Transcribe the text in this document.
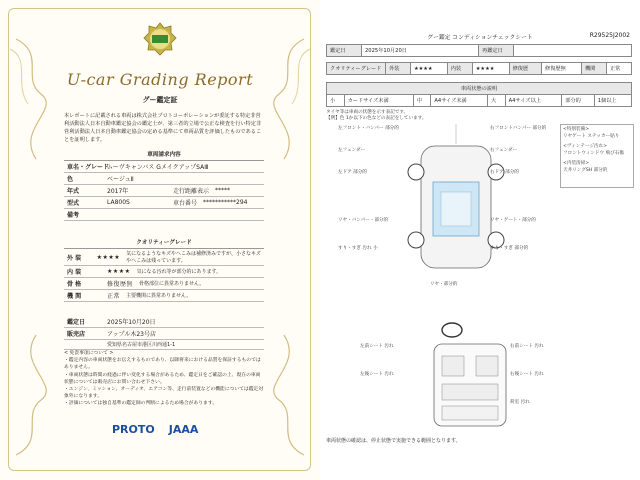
U-car Grading Report
グー鑑定証
本レポートに記載される車両は株式会社プロトコーポレーションが委託する特定非営利活動法人日本自動車鑑定協会の鑑定士が、第三者的立場で公正な検査を行い特定非営利活動法人日本自動車鑑定協会の定める基準にて車両品質を評価したものであることを証明します。
車両請求内容
車名・グレード
ムーヴキャンバス GメイクアップSAⅢ
色	ベージュⅡ
年式	2017年	走行距離表示	*****
型式	LA800S	車台番号	***********294
備考
クオリティーグレード
外 装	★★★★	気になるようなキズやへこみは補修済みですが、小さなキズやへこみは残っています。
内 装	★★★★	気になる汚れ等が部分的にあります。
骨 格	修復歴無	骨格部位に異常ありません。
機 関	正常	主要機関に異常ありません。
鑑定日	2025年10月20日
販売店	アップル木23号店
愛知県名古屋市港区川西通1-1
< 免責事項について >
・鑑定内容の車両状態をお伝えするものであり、以降将来における品質を保証するものではありません。
・車両状態は時間の経過に伴い変化する場合があるため、鑑定日をご確認の上、現在の車両状態については販売店にお問い合わせ下さい。
・エンジン、ミッション、オーディオ、エアコン等、走行前装置などの機能については鑑定対象外になります。
・評価については独自基準の鑑定師の判断によるため場合があります。
PROTO JAAA
グー鑑定 コンディションチェックシート	R29525J2002
鑑定日	2025年10月20日	再鑑定日	
クオリティーグレード	外装	★★★★	内装	★★★★	修復歴	修復歴無	機関	正常
車両状態の説明
小	カードサイズ未満	中	A4サイズ未満	大	A4サイズ以上	部分的	1個以上
タイヤ等は車両の状態を示す表記です。
【例】色 1か以下の色などの表記をしています。
左フロント・バンパー 部分的
左フェンダー
左ドア 部分的
リヤ・バンパー・部分的
すり・すぎ 汚れ 小
右フロントバンパー 部分的
右フェンダー
右ドア 部分的
リヤ・ゲート・部分的
すり・すぎ 部分的
リヤ・部分的
<特別装備>
リヤゲート ステッカー貼り
<ヴィンテージ汚れ>
フロントウィンドウ 飛び石傷
<内装清掃>
天井リングSH 部分的
左前シート 汚れ	右前シート 汚れ
左後シート 汚れ	右後シート 汚れ
荷室 汚れ
車両状態の確認は、停止状態で実施できる範囲となります。
